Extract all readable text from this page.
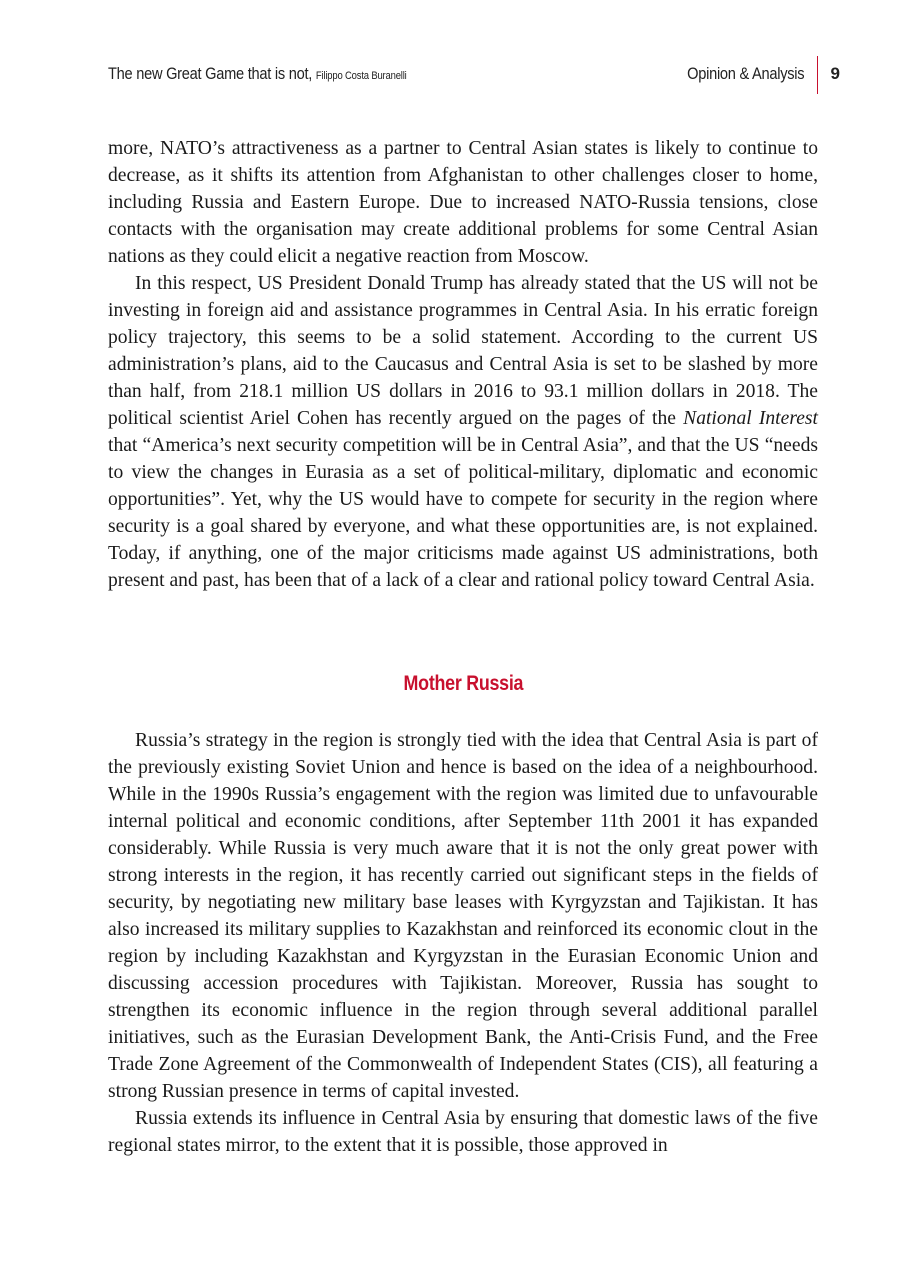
The new Great Game that is not, Filippo Costa Buranelli	Opinion & Analysis 9

more, NATO’s attractiveness as a partner to Central Asian states is likely to continue to decrease, as it shifts its attention from Afghanistan to other challenges closer to home, including Russia and Eastern Europe. Due to increased NATO-Russia tensions, close contacts with the organisation may create additional problems for some Central Asian nations as they could elicit a negative reaction from Moscow.

In this respect, US President Donald Trump has already stated that the US will not be investing in foreign aid and assistance programmes in Central Asia. In his erratic foreign policy trajectory, this seems to be a solid statement. According to the current US administration’s plans, aid to the Caucasus and Central Asia is set to be slashed by more than half, from 218.1 million US dollars in 2016 to 93.1 million dollars in 2018. The political scientist Ariel Cohen has recently argued on the pages of the National Interest that “America’s next security competition will be in Central Asia”, and that the US “needs to view the changes in Eurasia as a set of political-military, diplomatic and economic opportunities”. Yet, why the US would have to compete for security in the region where security is a goal shared by everyone, and what these opportunities are, is not explained. Today, if anything, one of the major criticisms made against US administrations, both present and past, has been that of a lack of a clear and rational policy toward Central Asia.

Mother Russia

Russia’s strategy in the region is strongly tied with the idea that Central Asia is part of the previously existing Soviet Union and hence is based on the idea of a neighbourhood. While in the 1990s Russia’s engagement with the region was limited due to unfavourable internal political and economic conditions, after September 11th 2001 it has expanded considerably. While Russia is very much aware that it is not the only great power with strong interests in the region, it has recently carried out significant steps in the fields of security, by negotiating new military base leases with Kyrgyzstan and Tajikistan. It has also increased its military supplies to Kazakhstan and reinforced its economic clout in the region by including Kazakhstan and Kyrgyzstan in the Eurasian Economic Union and discussing accession procedures with Tajikistan. Moreover, Russia has sought to strengthen its economic influence in the region through several additional parallel initiatives, such as the Eurasian Development Bank, the Anti-Crisis Fund, and the Free Trade Zone Agreement of the Commonwealth of Independent States (CIS), all featuring a strong Russian presence in terms of capital invested.

Russia extends its influence in Central Asia by ensuring that domestic laws of the five regional states mirror, to the extent that it is possible, those approved in
